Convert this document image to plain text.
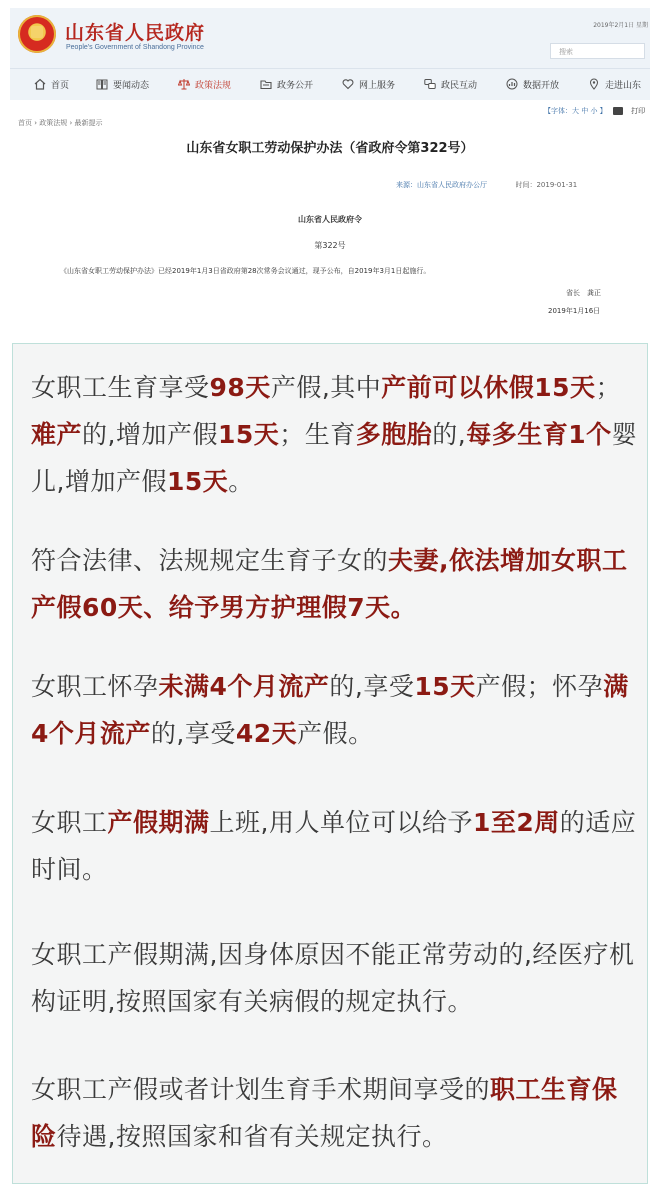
山东省人民政府
People's Government of Shandong Province
2019年2月1日 星期
搜索
首页	要闻动态	政策法规	政务公开	网上服务	政民互动	数据开放	走进山东
首页 › 政策法规 › 最新提示
【字体：大 中 小 】	打印
山东省女职工劳动保护办法（省政府令第322号）
来源：山东省人民政府办公厅	时间：2019-01-31
山东省人民政府令
第322号
《山东省女职工劳动保护办法》已经2019年1月3日省政府第28次常务会议通过，现予公布，自2019年3月1日起施行。
省长　龚正
2019年1月16日

女职工生育享受98天产假,其中产前可以休假15天；难产的,增加产假15天；生育多胞胎的,每多生育1个婴儿,增加产假15天。

符合法律、法规规定生育子女的夫妻,依法增加女职工产假60天、给予男方护理假7天。

女职工怀孕未满4个月流产的,享受15天产假；怀孕满4个月流产的,享受42天产假。

女职工产假期满上班,用人单位可以给予1至2周的适应时间。

女职工产假期满,因身体原因不能正常劳动的,经医疗机构证明,按照国家有关病假的规定执行。

女职工产假或者计划生育手术期间享受的职工生育保险待遇,按照国家和省有关规定执行。
